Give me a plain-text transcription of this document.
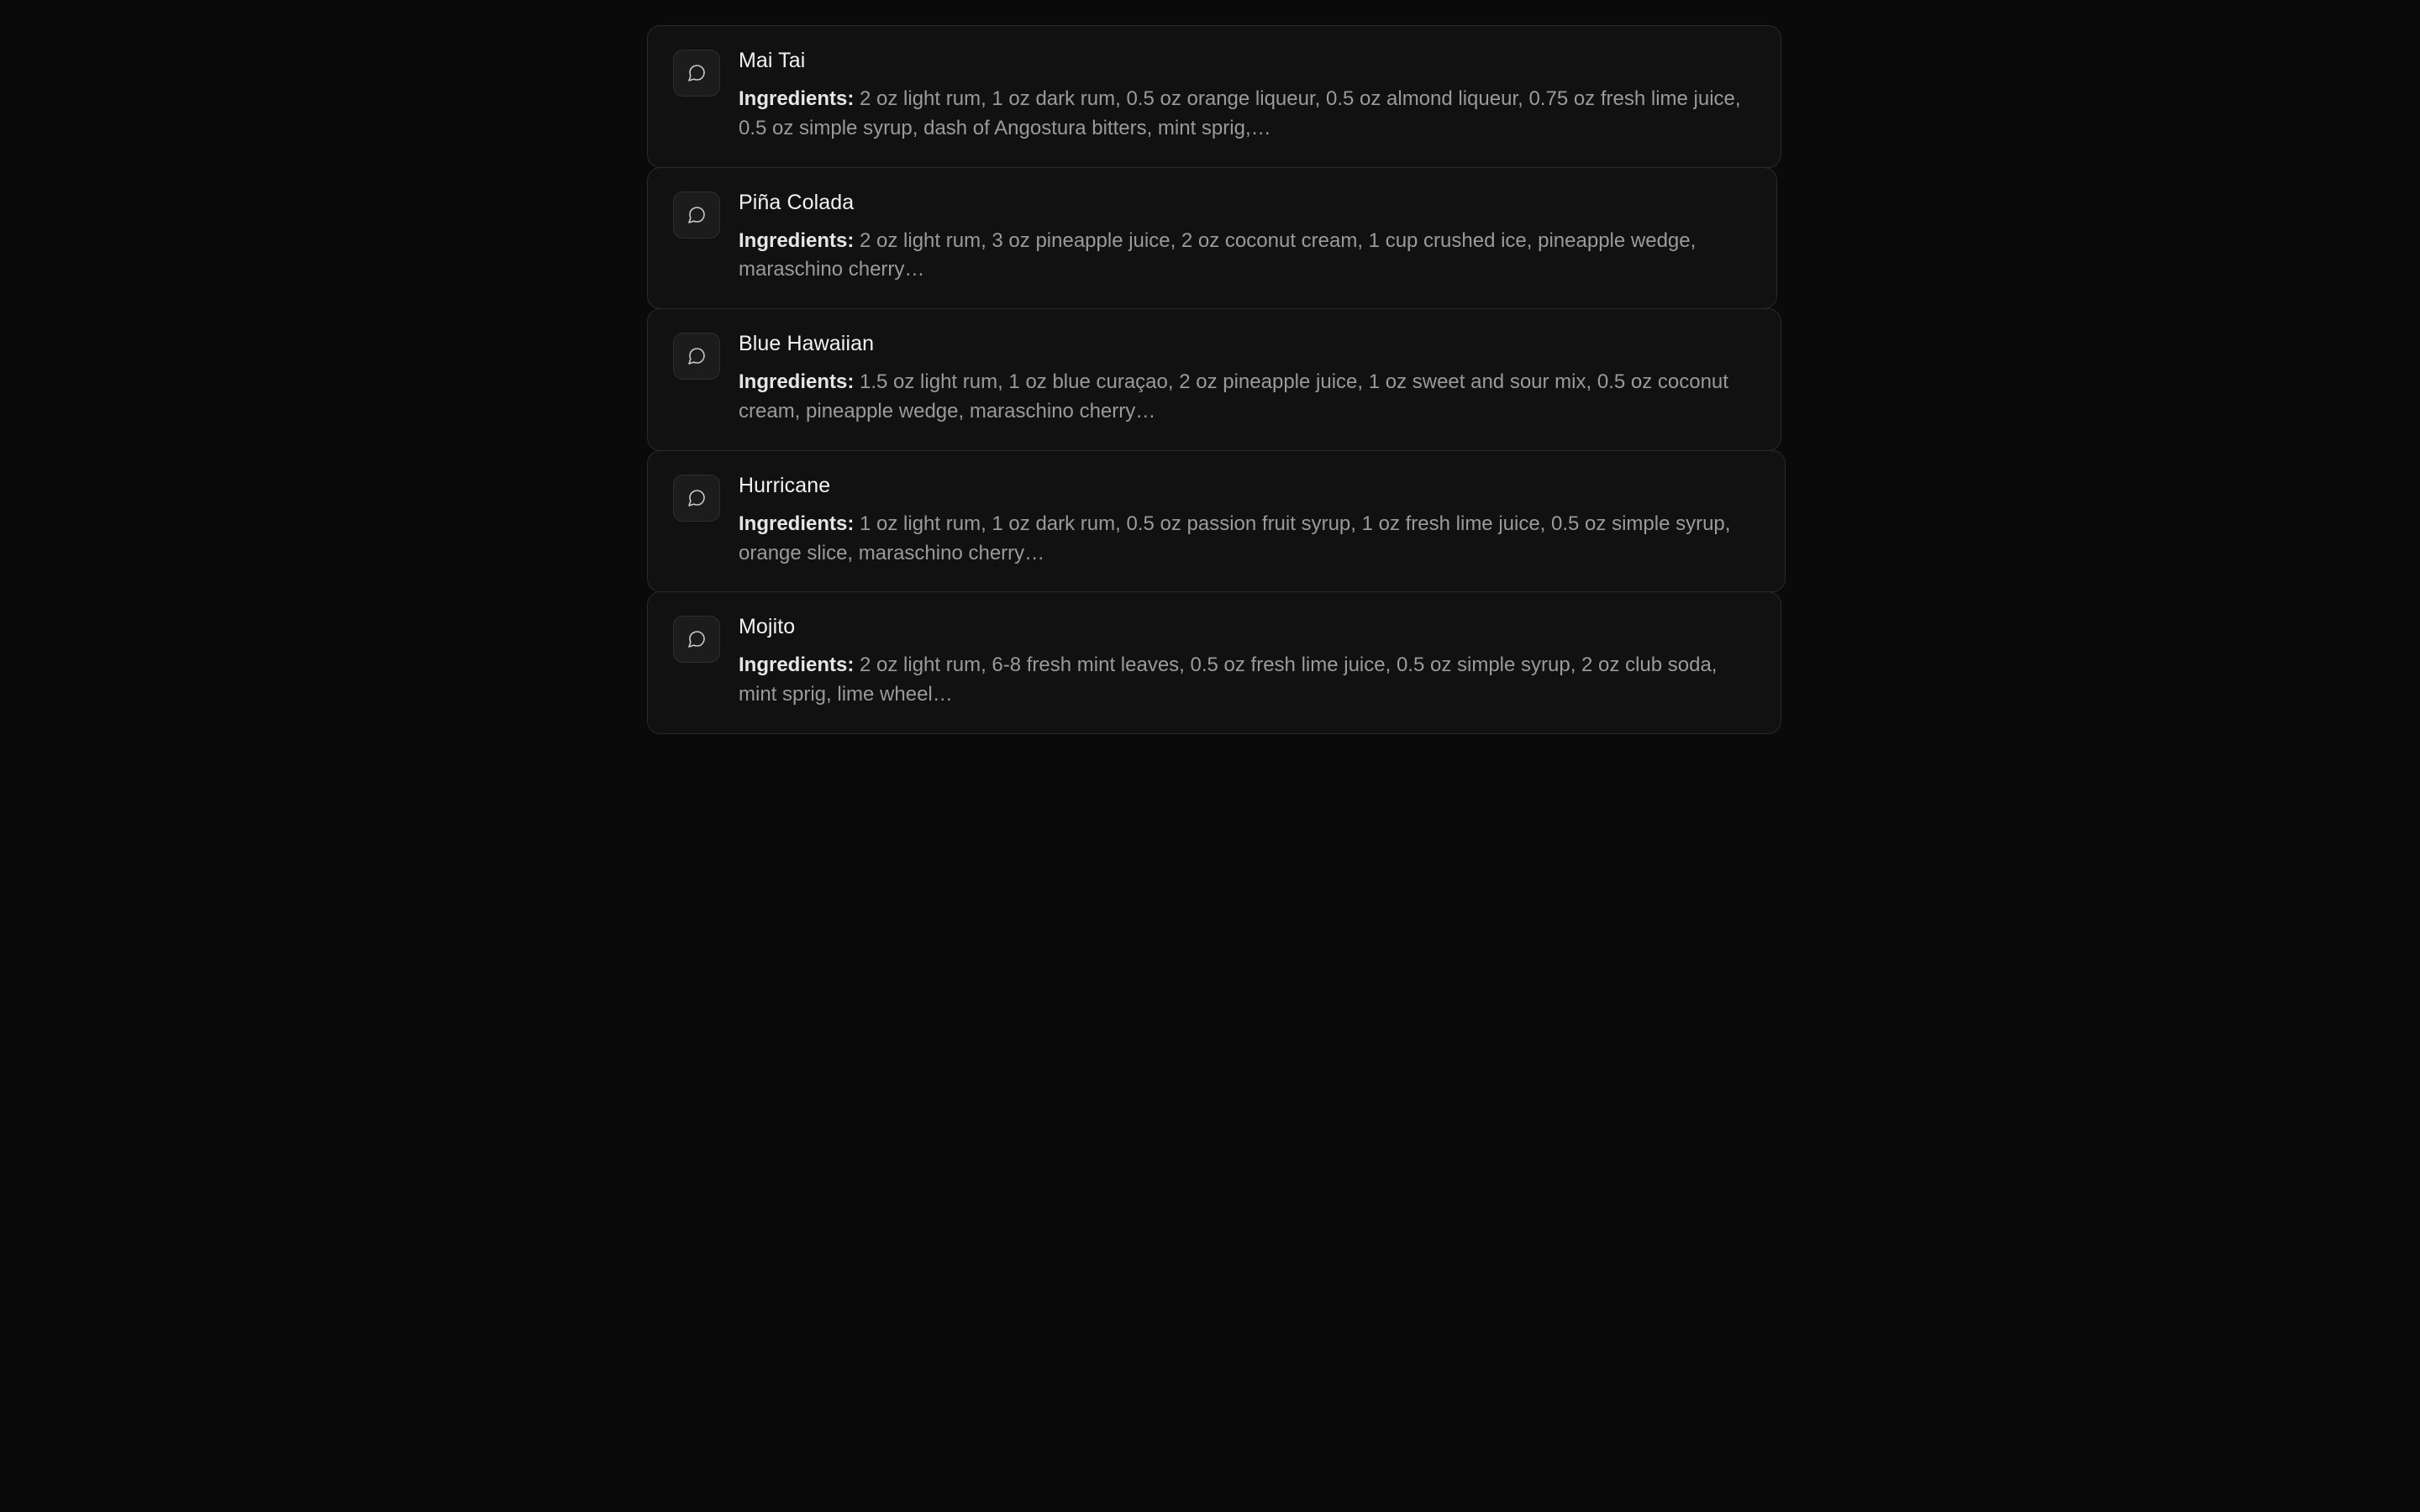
Mai Tai
Ingredients: 2 oz light rum, 1 oz dark rum, 0.5 oz orange liqueur, 0.5 oz almond liqueur, 0.75 oz fresh lime juice, 0.5 oz simple syrup, dash of Angostura bitters, mint sprig,…
Piña Colada
Ingredients: 2 oz light rum, 3 oz pineapple juice, 2 oz coconut cream, 1 cup crushed ice, pineapple wedge, maraschino cherry…
Blue Hawaiian
Ingredients: 1.5 oz light rum, 1 oz blue curaçao, 2 oz pineapple juice, 1 oz sweet and sour mix, 0.5 oz coconut cream, pineapple wedge, maraschino cherry…
Hurricane
Ingredients: 1 oz light rum, 1 oz dark rum, 0.5 oz passion fruit syrup, 1 oz fresh lime juice, 0.5 oz simple syrup, orange slice, maraschino cherry…
Mojito
Ingredients: 2 oz light rum, 6-8 fresh mint leaves, 0.5 oz fresh lime juice, 0.5 oz simple syrup, 2 oz club soda, mint sprig, lime wheel…
